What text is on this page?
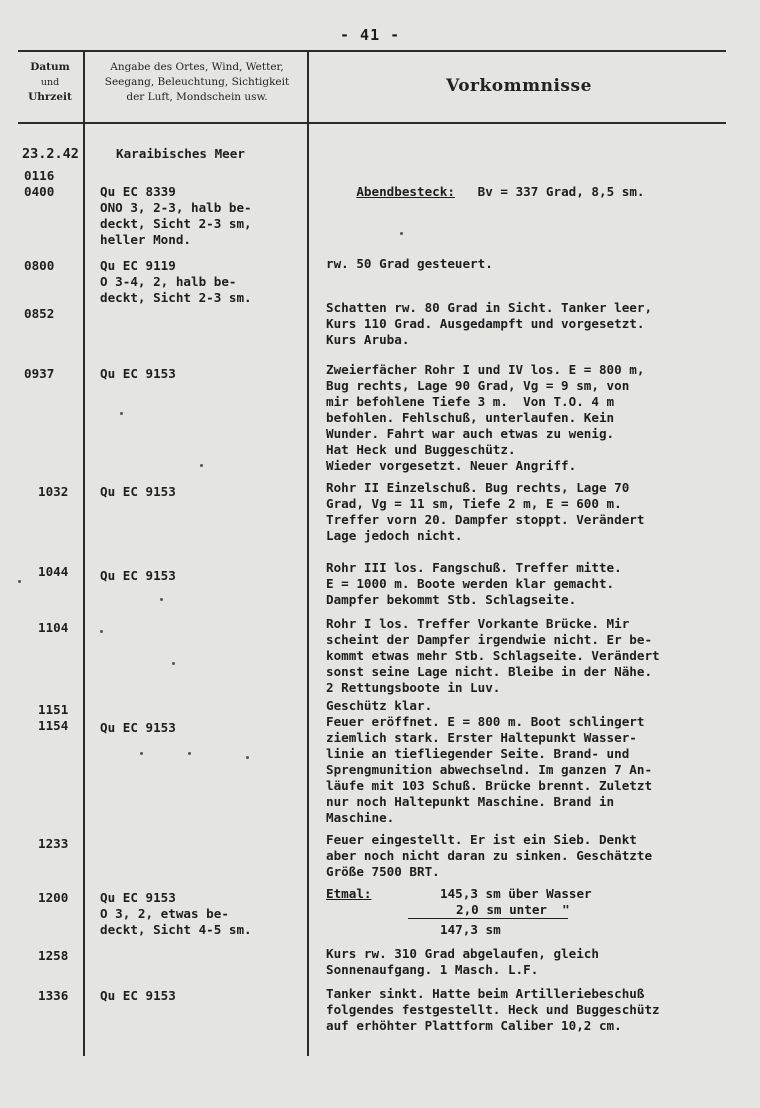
- 41 -
Datum
und
Uhrzeit
Angabe des Ortes, Wind, Wetter,
Seegang, Beleuchtung, Sichtigkeit
der Luft, Mondschein usw.
Vorkommnisse
23.2.42
0116
0400
0800
0852
0937
1032
1044
1104
1151
1154
1233
1200
1258
1336
Karaibisches Meer
Qu EC 8339
ONO 3, 2-3, halb be-
deckt, Sicht 2-3 sm,
heller Mond.
Qu EC 9119
O 3-4, 2, halb be-
deckt, Sicht 2-3 sm.
Qu EC 9153
Qu EC 9153
Qu EC 9153
Qu EC 9153
Qu EC 9153
O 3, 2, etwas be-
deckt, Sicht 4-5 sm.
Qu EC 9153

Abendbesteck: Bv = 337 Grad, 8,5 sm.

rw. 50 Grad gesteuert.
Schatten rw. 80 Grad in Sicht. Tanker leer,
Kurs 110 Grad. Ausgedampft und vorgesetzt.
Kurs Aruba.
Zweierfächer Rohr I und IV los. E = 800 m,
Bug rechts, Lage 90 Grad, Vg = 9 sm, von
mir befohlene Tiefe 3 m.  Von T.O. 4 m
befohlen. Fehlschuß, unterlaufen. Kein
Wunder. Fahrt war auch etwas zu wenig.
Hat Heck und Buggeschütz.
Wieder vorgesetzt. Neuer Angriff.
Rohr II Einzelschuß. Bug rechts, Lage 70
Grad, Vg = 11 sm, Tiefe 2 m, E = 600 m.
Treffer vorn 20. Dampfer stoppt. Verändert
Lage jedoch nicht.
Rohr III los. Fangschuß. Treffer mitte.
E = 1000 m. Boote werden klar gemacht.
Dampfer bekommt Stb. Schlagseite.
Rohr I los. Treffer Vorkante Brücke. Mir
scheint der Dampfer irgendwie nicht. Er be-
kommt etwas mehr Stb. Schlagseite. Verändert
sonst seine Lage nicht. Bleibe in der Nähe.
2 Rettungsboote in Luv.
Geschütz klar.
Feuer eröffnet. E = 800 m. Boot schlingert
ziemlich stark. Erster Haltepunkt Wasser-
linie an tiefliegender Seite. Brand- und
Sprengmunition abwechselnd. Im ganzen 7 An-
läufe mit 103 Schuß. Brücke brennt. Zuletzt
nur noch Haltepunkt Maschine. Brand in
Maschine.
Feuer eingestellt. Er ist ein Sieb. Denkt
aber noch nicht daran zu sinken. Geschätzte
Größe 7500 BRT.
Etmal:	145,3 sm über Wasser
2,0 sm unter  "
147,3 sm
Kurs rw. 310 Grad abgelaufen, gleich
Sonnenaufgang. 1 Masch. L.F.
Tanker sinkt. Hatte beim Artilleriebeschuß
folgendes festgestellt. Heck und Buggeschütz
auf erhöhter Plattform Caliber 10,2 cm.
